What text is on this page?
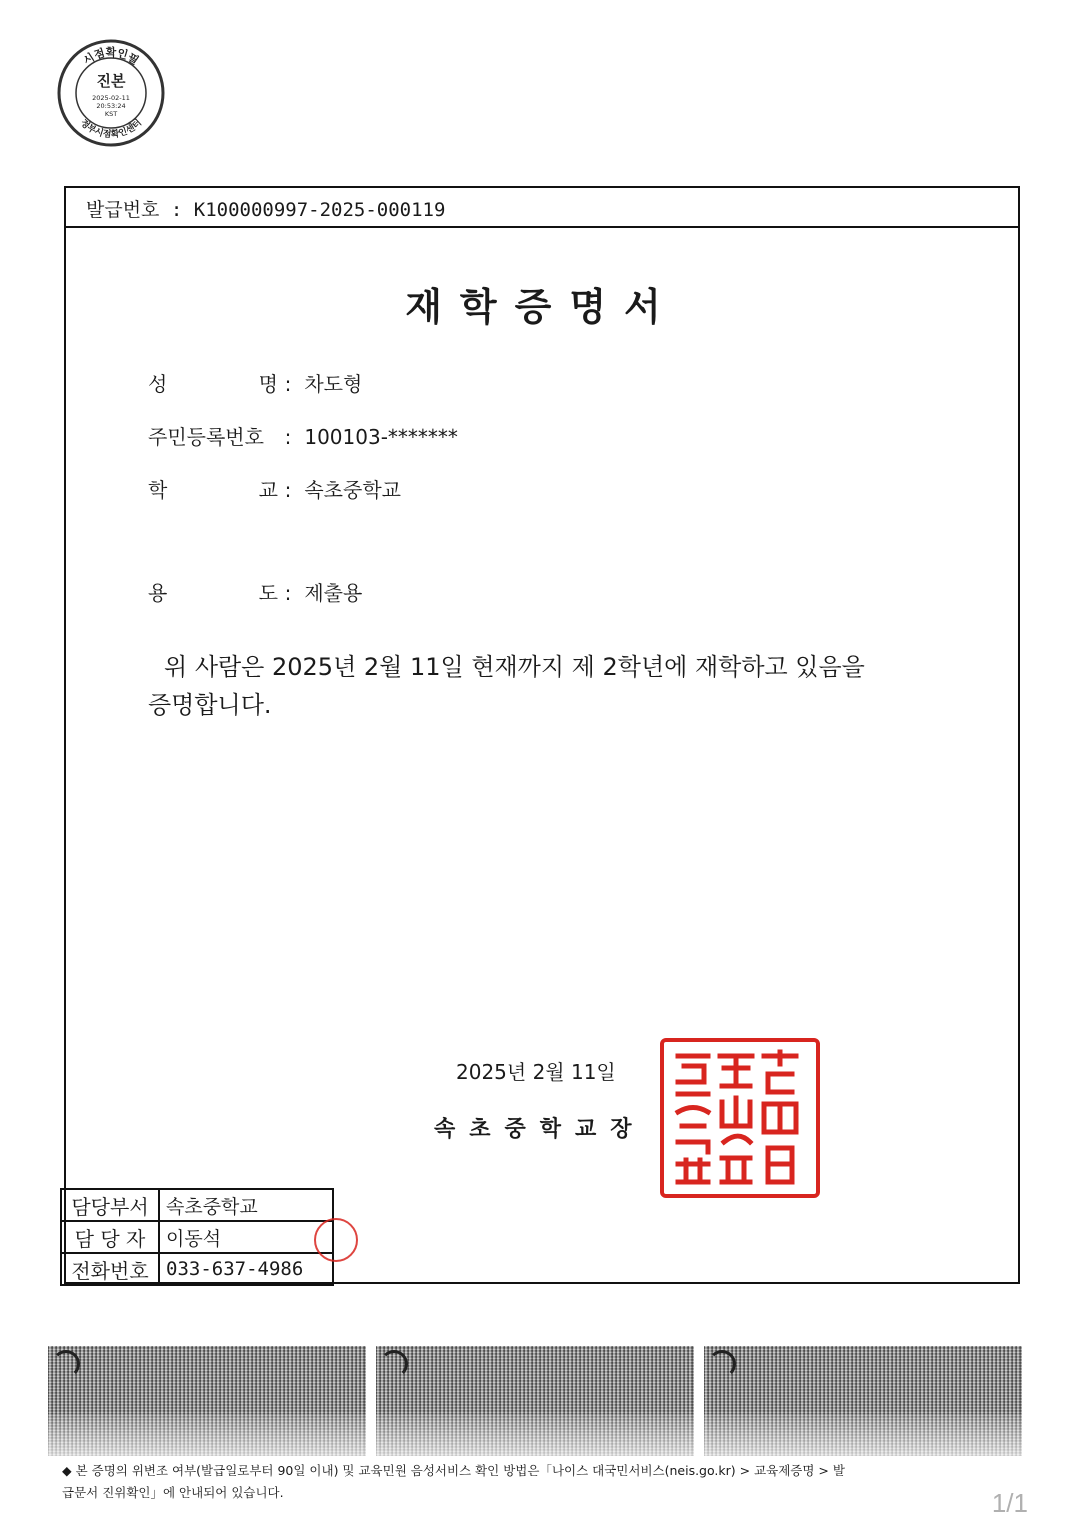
시점확인필
정부시점확인센터
진본
2025-02-11
20:53:24
KST
발급번호 : K100000997-2025-000119
재학증명서
성 명 : 차도형
주민등록번호 : 100103-*******
학 교 : 속초중학교
용 도 : 제출용
위 사람은 2025년 2월 11일 현재까지 제 2학년에 재학하고 있음을
증명합니다.
2025년 2월 11일
속초중학교장
담당부서	속초중학교
담 당 자	이동석
전화번호	033-637-4986
◆ 본 증명의 위변조 여부(발급일로부터 90일 이내) 및 교육민원 음성서비스 확인 방법은「나이스 대국민서비스(neis.go.kr) > 교육제증명 > 발
급문서 진위확인」에 안내되어 있습니다.	1/1
